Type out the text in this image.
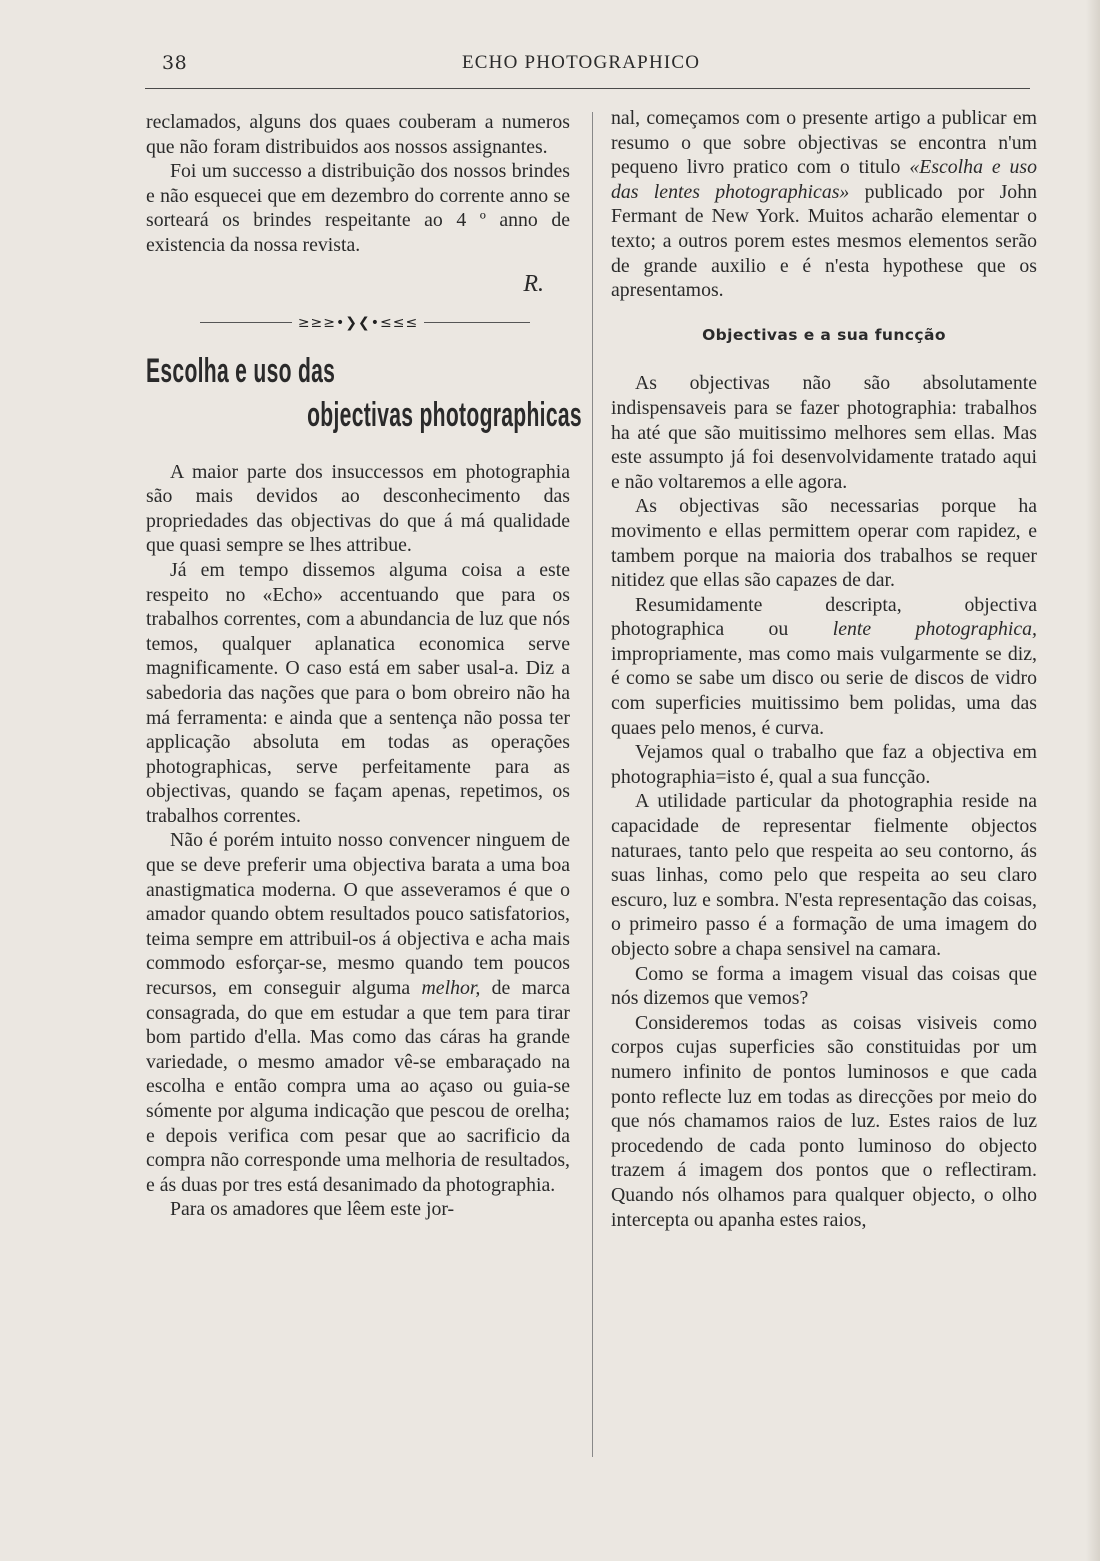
38	ECHO PHOTOGRAPHICO

reclamados, alguns dos quaes couberam a numeros que não foram distribuidos aos nossos assignantes.

Foi um successo a distribuição dos nossos brindes e não esquecei que em dezembro do corrente anno se sorteará os brindes respeitante ao 4 º anno de existencia da nossa revista.

R.
≥≥≥•❯❮•≤≤≤
Escolha e uso das
objectivas photographicas

A maior parte dos insuccessos em photographia são mais devidos ao desconhecimento das propriedades das objectivas do que á má qualidade que quasi sempre se lhes attribue.

Já em tempo dissemos alguma coisa a este respeito no «Echo» accentuando que para os trabalhos correntes, com a abundancia de luz que nós temos, qualquer aplanatica economica serve magnificamente. O caso está em saber usal-a. Diz a sabedoria das nações que para o bom obreiro não ha má ferramenta: e ainda que a sentença não possa ter applicação absoluta em todas as operações photographicas, serve perfeitamente para as objectivas, quando se façam apenas, repetimos, os trabalhos correntes.

Não é porém intuito nosso convencer ninguem de que se deve preferir uma objectiva barata a uma boa anastigmatica moderna. O que asseveramos é que o amador quando obtem resultados pouco satisfatorios, teima sempre em attribuil-os á objectiva e acha mais commodo esforçar-se, mesmo quando tem poucos recursos, em conseguir alguma melhor, de marca consagrada, do que em estudar a que tem para tirar bom partido d'ella. Mas como das cáras ha grande variedade, o mesmo amador vê-se embaraçado na escolha e então compra uma ao açaso ou guia-se sómente por alguma indicação que pescou de orelha; e depois verifica com pesar que ao sacrificio da compra não corresponde uma melhoria de resultados, e ás duas por tres está desanimado da photographia.

Para os amadores que lêem este jor-

nal, começamos com o presente artigo a publicar em resumo o que sobre objectivas se encontra n'um pequeno livro pratico com o titulo «Escolha e uso das lentes photographicas» publicado por John Fermant de New York. Muitos acharão elementar o texto; a outros porem estes mesmos elementos serão de grande auxilio e é n'esta hypothese que os apresentamos.

Objectivas e a sua funcção

As objectivas não são absolutamente indispensaveis para se fazer photographia: trabalhos ha até que são muitissimo melhores sem ellas. Mas este assumpto já foi desenvolvidamente tratado aqui e não voltaremos a elle agora.

As objectivas são necessarias porque ha movimento e ellas permittem operar com rapidez, e tambem porque na maioria dos trabalhos se requer nitidez que ellas são capazes de dar.

Resumidamente descripta, objectiva photographica ou lente photographica, impropriamente, mas como mais vulgarmente se diz, é como se sabe um disco ou serie de discos de vidro com superficies muitissimo bem polidas, uma das quaes pelo menos, é curva.

Vejamos qual o trabalho que faz a objectiva em photographia=isto é, qual a sua funcção.

A utilidade particular da photographia reside na capacidade de representar fielmente objectos naturaes, tanto pelo que respeita ao seu contorno, ás suas linhas, como pelo que respeita ao seu claro escuro, luz e sombra. N'esta representação das coisas, o primeiro passo é a formação de uma imagem do objecto sobre a chapa sensivel na camara.

Como se forma a imagem visual das coisas que nós dizemos que vemos?

Consideremos todas as coisas visiveis como corpos cujas superficies são constituidas por um numero infinito de pontos luminosos e que cada ponto reflecte luz em todas as direcções por meio do que nós chamamos raios de luz. Estes raios de luz procedendo de cada ponto luminoso do objecto trazem á imagem dos pontos que o reflectiram. Quando nós olhamos para qualquer objecto, o olho intercepta ou apanha estes raios,
